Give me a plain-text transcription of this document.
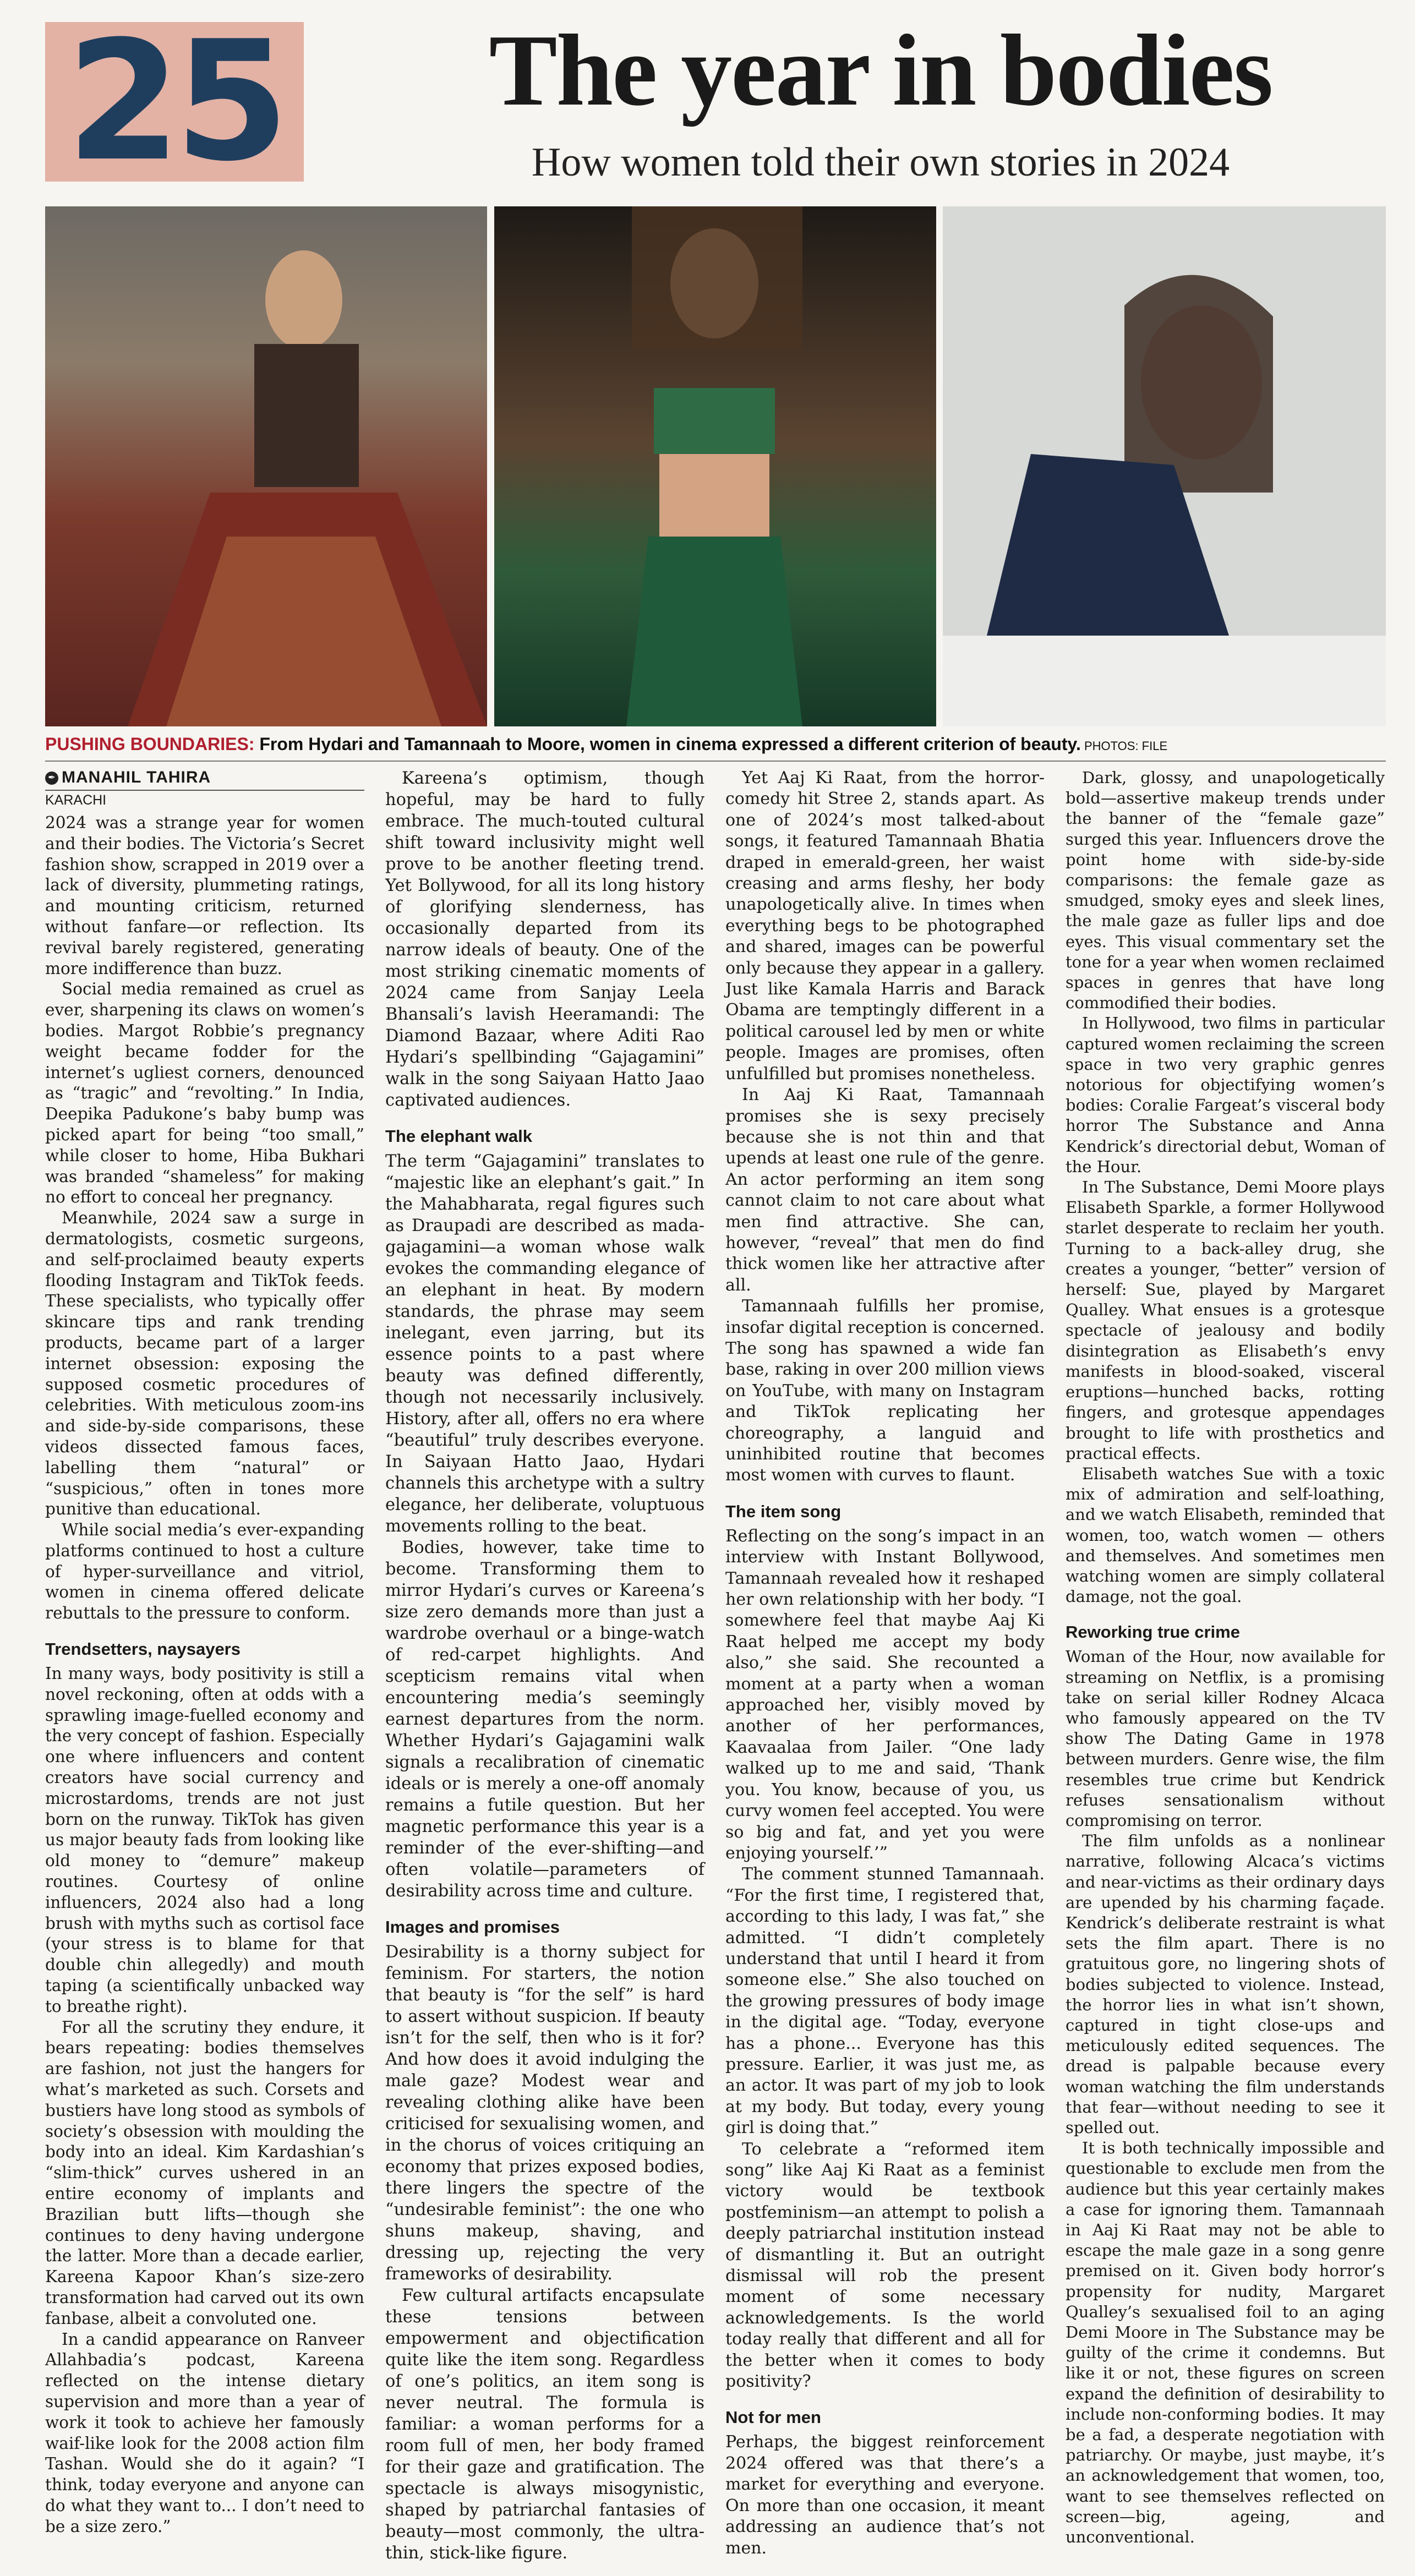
25	The year in bodies
How women told their own stories in 2024
PUSHING BOUNDARIES: From Hydari and Tamannaah to Moore, women in cinema expressed a different criterion of beauty. PHOTOS: FILE
✒ MANAHIL TAHIRA
KARACHI

2024 was a strange year for women and their bodies. The Victoria’s Secret fashion show, scrapped in 2019 over a lack of diversity, plummeting ratings, and mounting criticism, returned without fanfare—or reflection. Its revival barely registered, generating more indifference than buzz.

Social media remained as cruel as ever, sharpening its claws on women’s bodies. Margot Robbie’s pregnancy weight became fodder for the internet’s ugliest corners, denounced as “tragic” and “revolting.” In India, Deepika Padukone’s baby bump was picked apart for being “too small,” while closer to home, Hiba Bukhari was branded “shameless” for making no effort to conceal her pregnancy.

Meanwhile, 2024 saw a surge in dermatologists, cosmetic surgeons, and self-proclaimed beauty experts flooding Instagram and TikTok feeds. These specialists, who typically offer skincare tips and rank trending products, became part of a larger internet obsession: exposing the supposed cosmetic procedures of celebrities. With meticulous zoom-ins and side-by-side comparisons, these videos dissected famous faces, labelling them “natural” or “suspicious,” often in tones more punitive than educational.

While social media’s ever-expanding platforms continued to host a culture of hyper-surveillance and vitriol, women in cinema offered delicate rebuttals to the pressure to conform.

Trendsetters, naysayers

In many ways, body positivity is still a novel reckoning, often at odds with a sprawling image-fuelled economy and the very concept of fashion. Especially one where influencers and content creators have social currency and microstardoms, trends are not just born on the runway. TikTok has given us major beauty fads from looking like old money to “demure” makeup routines. Courtesy of online influencers, 2024 also had a long brush with myths such as cortisol face (your stress is to blame for that double chin allegedly) and mouth taping (a scientifically unbacked way to breathe right).

For all the scrutiny they endure, it bears repeating: bodies themselves are fashion, not just the hangers for what’s marketed as such. Corsets and bustiers have long stood as symbols of society’s obsession with moulding the body into an ideal. Kim Kardashian’s “slim-thick” curves ushered in an entire economy of implants and Brazilian butt lifts—though she continues to deny having undergone the latter. More than a decade earlier, Kareena Kapoor Khan’s size-zero transformation had carved out its own fanbase, albeit a convoluted one.

In a candid appearance on Ranveer Allahbadia’s podcast, Kareena reflected on the intense dietary supervision and more than a year of work it took to achieve her famously waif-like look for the 2008 action film Tashan. Would she do it again? “I think, today everyone and anyone can do what they want to... I don’t need to be a size zero.”

Kareena’s optimism, though hopeful, may be hard to fully embrace. The much-touted cultural shift toward inclusivity might well prove to be another fleeting trend. Yet Bollywood, for all its long history of glorifying slenderness, has occasionally departed from its narrow ideals of beauty. One of the most striking cinematic moments of 2024 came from Sanjay Leela Bhansali’s lavish Heeramandi: The Diamond Bazaar, where Aditi Rao Hydari’s spellbinding “Gajagamini” walk in the song Saiyaan Hatto Jaao captivated audiences.

The elephant walk

The term “Gajagamini” translates to “majestic like an elephant’s gait.” In the Mahabharata, regal figures such as Draupadi are described as mada-gajagamini—a woman whose walk evokes the commanding elegance of an elephant in heat. By modern standards, the phrase may seem inelegant, even jarring, but its essence points to a past where beauty was defined differently, though not necessarily inclusively. History, after all, offers no era where “beautiful” truly describes everyone. In Saiyaan Hatto Jaao, Hydari channels this archetype with a sultry elegance, her deliberate, voluptuous movements rolling to the beat.

Bodies, however, take time to become. Transforming them to mirror Hydari’s curves or Kareena’s size zero demands more than just a wardrobe overhaul or a binge-watch of red-carpet highlights. And scepticism remains vital when encountering media’s seemingly earnest departures from the norm. Whether Hydari’s Gajagamini walk signals a recalibration of cinematic ideals or is merely a one-off anomaly remains a futile question. But her magnetic performance this year is a reminder of the ever-shifting—and often volatile—parameters of desirability across time and culture.

Images and promises

Desirability is a thorny subject for feminism. For starters, the notion that beauty is “for the self” is hard to assert without suspicion. If beauty isn’t for the self, then who is it for? And how does it avoid indulging the male gaze? Modest wear and revealing clothing alike have been criticised for sexualising women, and in the chorus of voices critiquing an economy that prizes exposed bodies, there lingers the spectre of the “undesirable feminist”: the one who shuns makeup, shaving, and dressing up, rejecting the very frameworks of desirability.

Few cultural artifacts encapsulate these tensions between empowerment and objectification quite like the item song. Regardless of one’s politics, an item song is never neutral. The formula is familiar: a woman performs for a room full of men, her body framed for their gaze and gratification. The spectacle is always misogynistic, shaped by patriarchal fantasies of beauty—most commonly, the ultra-thin, stick-like figure.

Yet Aaj Ki Raat, from the horror-comedy hit Stree 2, stands apart. As one of 2024’s most talked-about songs, it featured Tamannaah Bhatia draped in emerald-green, her waist creasing and arms fleshy, her body unapologetically alive. In times when everything begs to be photographed and shared, images can be powerful only because they appear in a gallery. Just like Kamala Harris and Barack Obama are temptingly different in a political carousel led by men or white people. Images are promises, often unfulfilled but promises nonetheless.

In Aaj Ki Raat, Tamannaah promises she is sexy precisely because she is not thin and that upends at least one rule of the genre. An actor performing an item song cannot claim to not care about what men find attractive. She can, however, “reveal” that men do find thick women like her attractive after all.

Tamannaah fulfills her promise, insofar digital reception is concerned. The song has spawned a wide fan base, raking in over 200 million views on YouTube, with many on Instagram and TikTok replicating her choreography, a languid and uninhibited routine that becomes most women with curves to flaunt.

The item song

Reflecting on the song’s impact in an interview with Instant Bollywood, Tamannaah revealed how it reshaped her own relationship with her body. “I somewhere feel that maybe Aaj Ki Raat helped me accept my body also,” she said. She recounted a moment at a party when a woman approached her, visibly moved by another of her performances, Kaavaalaa from Jailer. “One lady walked up to me and said, ‘Thank you. You know, because of you, us curvy women feel accepted. You were so big and fat, and yet you were enjoying yourself.’”

The comment stunned Tamannaah. “For the first time, I registered that, according to this lady, I was fat,” she admitted. “I didn’t completely understand that until I heard it from someone else.” She also touched on the growing pressures of body image in the digital age. “Today, everyone has a phone... Everyone has this pressure. Earlier, it was just me, as an actor. It was part of my job to look at my body. But today, every young girl is doing that.”

To celebrate a “reformed item song” like Aaj Ki Raat as a feminist victory would be textbook postfeminism—an attempt to polish a deeply patriarchal institution instead of dismantling it. But an outright dismissal will rob the present moment of some necessary acknowledgements. Is the world today really that different and all for the better when it comes to body positivity?

Not for men

Perhaps, the biggest reinforcement 2024 offered was that there’s a market for everything and everyone. On more than one occasion, it meant addressing an audience that’s not men.

Dark, glossy, and unapologetically bold—assertive makeup trends under the banner of the “female gaze” surged this year. Influencers drove the point home with side-by-side comparisons: the female gaze as smudged, smoky eyes and sleek lines, the male gaze as fuller lips and doe eyes. This visual commentary set the tone for a year when women reclaimed spaces in genres that have long commodified their bodies.

In Hollywood, two films in particular captured women reclaiming the screen space in two very graphic genres notorious for objectifying women’s bodies: Coralie Fargeat’s visceral body horror The Substance and Anna Kendrick’s directorial debut, Woman of the Hour.

In The Substance, Demi Moore plays Elisabeth Sparkle, a former Hollywood starlet desperate to reclaim her youth. Turning to a back-alley drug, she creates a younger, “better” version of herself: Sue, played by Margaret Qualley. What ensues is a grotesque spectacle of jealousy and bodily disintegration as Elisabeth’s envy manifests in blood-soaked, visceral eruptions—hunched backs, rotting fingers, and grotesque appendages brought to life with prosthetics and practical effects.

Elisabeth watches Sue with a toxic mix of admiration and self-loathing, and we watch Elisabeth, reminded that women, too, watch women — others and themselves. And sometimes men watching women are simply collateral damage, not the goal.

Reworking true crime

Woman of the Hour, now available for streaming on Netflix, is a promising take on serial killer Rodney Alcaca who famously appeared on the TV show The Dating Game in 1978 between murders. Genre wise, the film resembles true crime but Kendrick refuses sensationalism without compromising on terror.

The film unfolds as a nonlinear narrative, following Alcaca’s victims and near-victims as their ordinary days are upended by his charming façade. Kendrick’s deliberate restraint is what sets the film apart. There is no gratuitous gore, no lingering shots of bodies subjected to violence. Instead, the horror lies in what isn’t shown, captured in tight close-ups and meticulously edited sequences. The dread is palpable because every woman watching the film understands that fear—without needing to see it spelled out.

It is both technically impossible and questionable to exclude men from the audience but this year certainly makes a case for ignoring them. Tamannaah in Aaj Ki Raat may not be able to escape the male gaze in a song genre premised on it. Given body horror’s propensity for nudity, Margaret Qualley’s sexualised foil to an aging Demi Moore in The Substance may be guilty of the crime it condemns. But like it or not, these figures on screen expand the definition of desirability to include non-conforming bodies. It may be a fad, a desperate negotiation with patriarchy. Or maybe, just maybe, it’s an acknowledgement that women, too, want to see themselves reflected on screen—big, ageing, and unconventional.
